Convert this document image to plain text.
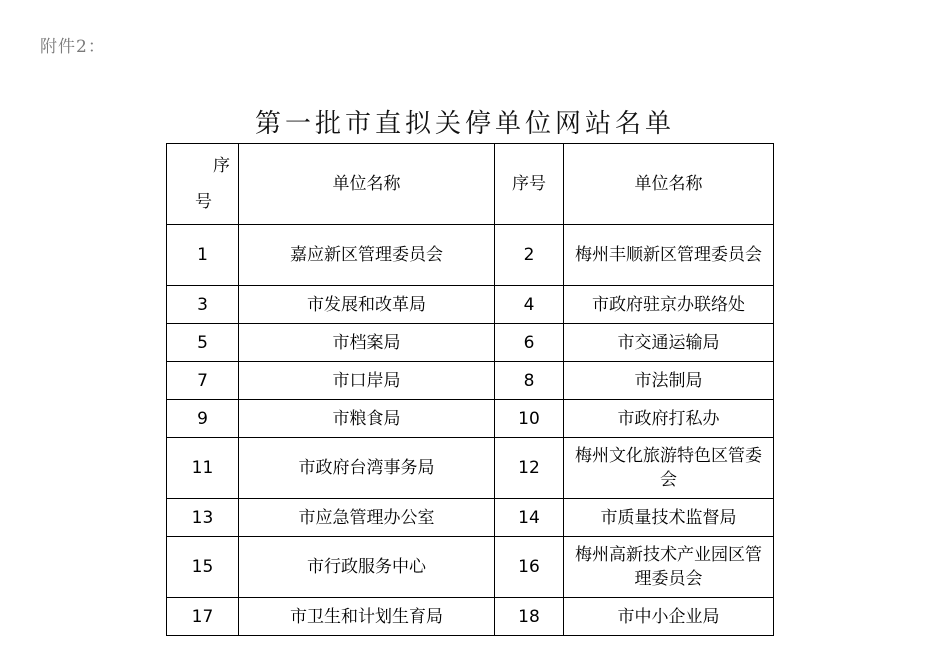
附件2：
第一批市直拟关停单位网站名单
序
号	单位名称	序号	单位名称
1	嘉应新区管理委员会	2	梅州丰顺新区管理委员会
3	市发展和改革局	4	市政府驻京办联络处
5	市档案局	6	市交通运输局
7	市口岸局	8	市法制局
9	市粮食局	10	市政府打私办
11	市政府台湾事务局	12	梅州文化旅游特色区管委会
13	市应急管理办公室	14	市质量技术监督局
15	市行政服务中心	16	梅州高新技术产业园区管理委员会
17	市卫生和计划生育局	18	市中小企业局
